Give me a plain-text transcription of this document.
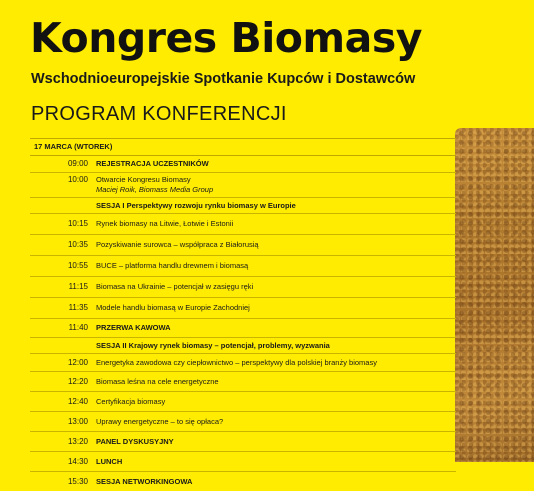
Kongres Biomasy
Wschodnioeuropejskie Spotkanie Kupców i Dostawców
PROGRAM KONFERENCJI
17 MARCA (WTOREK)
09:00 REJESTRACJA UCZESTNIKÓW
10:00 Otwarcie Kongresu Biomasy
Maciej Roik, Biomass Media Group
SESJA I Perspektywy rozwoju rynku biomasy w Europie
10:15 Rynek biomasy na Litwie, Łotwie i Estonii
10:35 Pozyskiwanie surowca – współpraca z Białorusią
10:55 BUCE – platforma handlu drewnem i biomasą
11:15 Biomasa na Ukrainie – potencjał w zasięgu ręki
11:35 Modele handlu biomasą w Europie Zachodniej
11:40 PRZERWA KAWOWA
SESJA II Krajowy rynek biomasy – potencjał, problemy, wyzwania
12:00 Energetyka zawodowa czy ciepłownictwo – perspektywy dla polskiej branży biomasy
12:20 Biomasa leśna na cele energetyczne
12:40 Certyfikacja biomasy
13:00 Uprawy energetyczne – to się opłaca?
13:20 PANEL DYSKUSYJNY
14:30 LUNCH
15:30 SESJA NETWORKINGOWA
